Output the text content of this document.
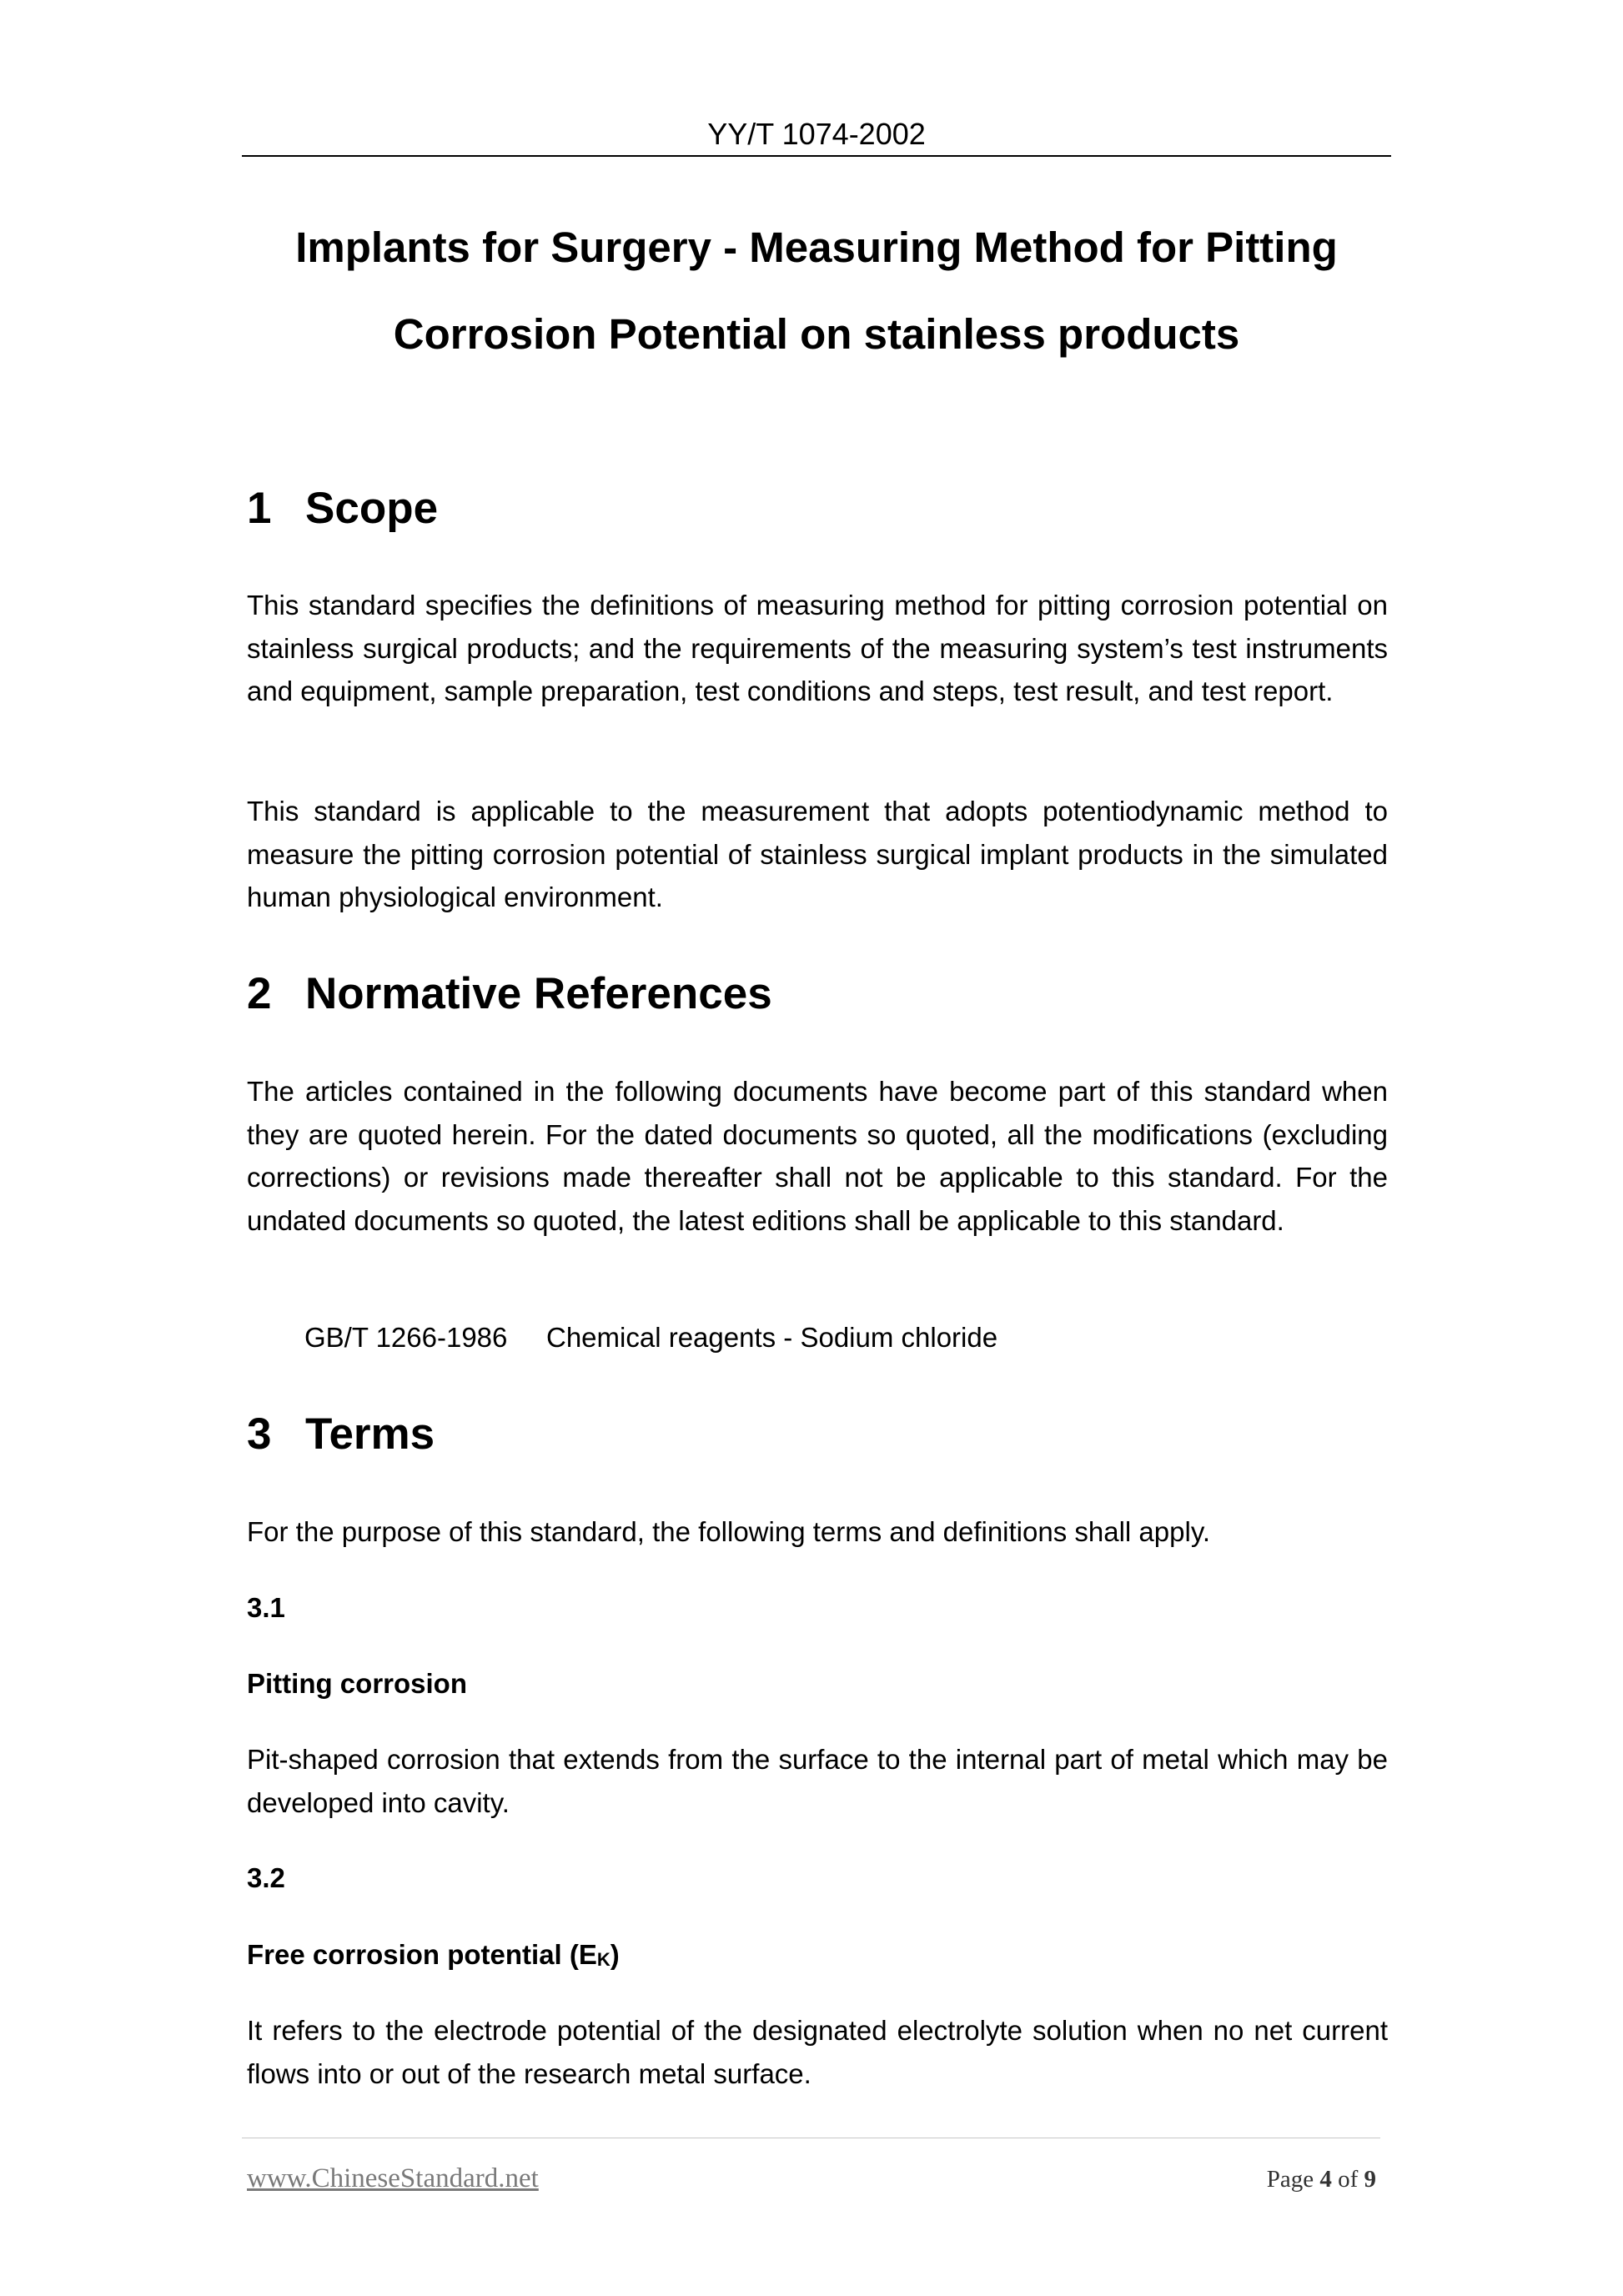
YY/T 1074-2002
Implants for Surgery - Measuring Method for Pitting
Corrosion Potential on stainless products
1 Scope

This standard specifies the definitions of measuring method for pitting corrosion potential on stainless surgical products; and the requirements of the measuring system’s test instruments and equipment, sample preparation, test conditions and steps, test result, and test report.

This standard is applicable to the measurement that adopts potentiodynamic method to measure the pitting corrosion potential of stainless surgical implant products in the simulated human physiological environment.

2 Normative References

The articles contained in the following documents have become part of this standard when they are quoted herein. For the dated documents so quoted, all the modifications (excluding corrections) or revisions made thereafter shall not be applicable to this standard. For the undated documents so quoted, the latest editions shall be applicable to this standard.

GB/T 1266-1986 Chemical reagents - Sodium chloride
3 Terms

For the purpose of this standard, the following terms and definitions shall apply.

3.1
Pitting corrosion

Pit-shaped corrosion that extends from the surface to the internal part of metal which may be developed into cavity.

3.2
Free corrosion potential (EK)

It refers to the electrode potential of the designated electrolyte solution when no net current flows into or out of the research metal surface.

www.ChineseStandard.net	Page 4 of 9
